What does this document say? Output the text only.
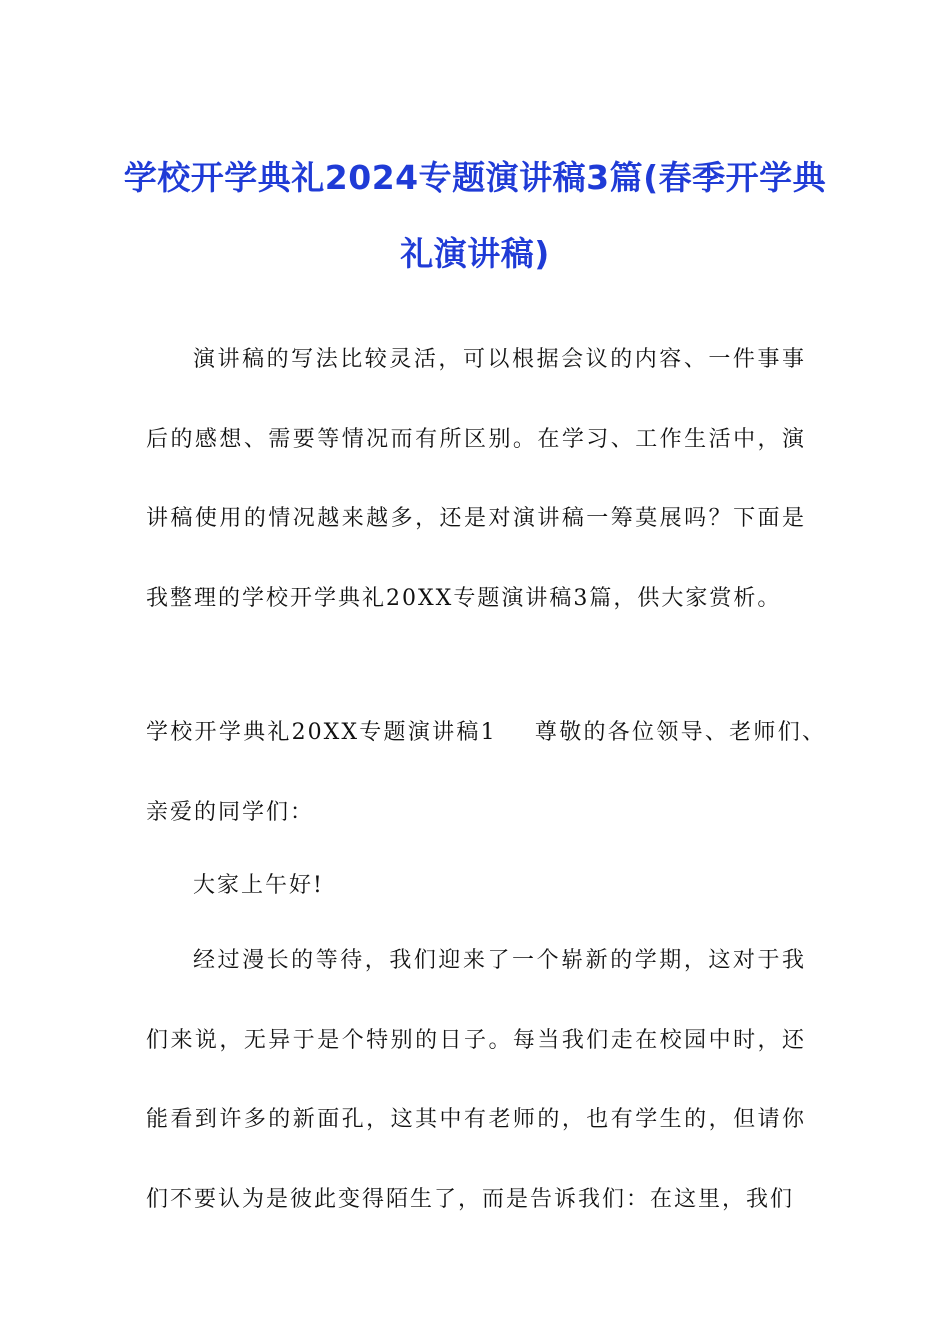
学校开学典礼2024专题演讲稿3篇(春季开学典礼演讲稿)

演讲稿的写法比较灵活，可以根据会议的内容、一件事事后的感想、需要等情况而有所区别。在学习、工作生活中，演讲稿使用的情况越来越多，还是对演讲稿一筹莫展吗？下面是我整理的学校开学典礼20XX专题演讲稿3篇，供大家赏析。

学校开学典礼20XX专题演讲稿1 尊敬的各位领导、老师们、亲爱的同学们：

大家上午好!

经过漫长的等待，我们迎来了一个崭新的学期，这对于我们来说，无异于是个特别的日子。每当我们走在校园中时，还能看到许多的新面孔，这其中有老师的，也有学生的，但请你们不要认为是彼此变得陌生了，而是告诉我们：在这里，我们
